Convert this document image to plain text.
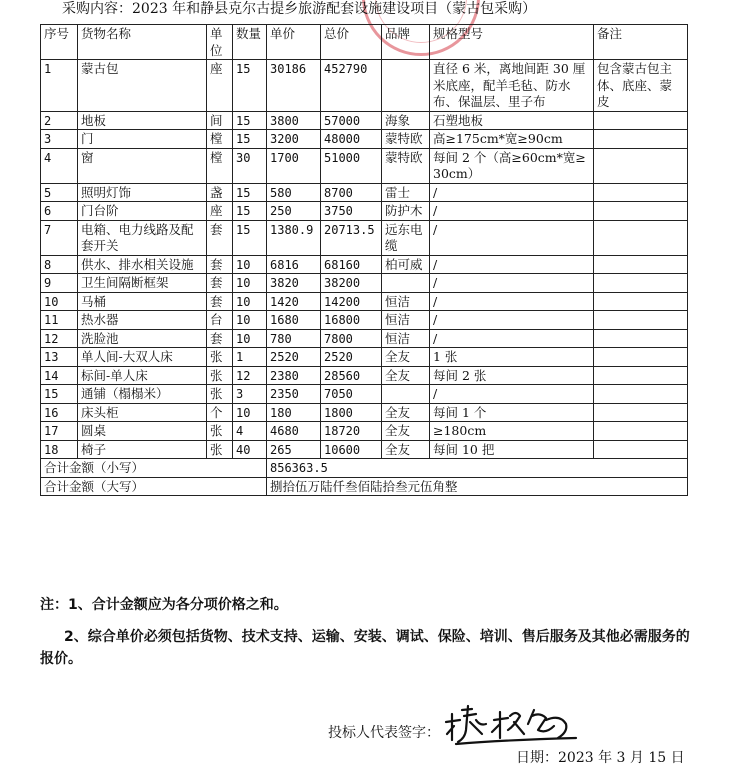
采购内容：2023 年和静县克尔古提乡旅游配套设施建设项目（蒙古包采购）
序号	货物名称	单位	数量	单价	总价	品牌	规格型号	备注
1	蒙古包	座	15	30186	452790		直径 6 米，离地间距 30 厘米底座，配羊毛毡、防水布、保温层、里子布	包含蒙古包主体、底座、蒙皮
2	地板	间	15	3800	57000	海象	石塑地板	
3	门	樘	15	3200	48000	蒙特欧	高≥175cm*宽≥90cm	
4	窗	樘	30	1700	51000	蒙特欧	每间 2 个（高≥60cm*宽≥30cm）	
5	照明灯饰	盏	15	580	8700	雷士	/	
6	门台阶	座	15	250	3750	防护木	/	
7	电箱、电力线路及配套开关	套	15	1380.9	20713.5	远东电缆	/	
8	供水、排水相关设施	套	10	6816	68160	柏可威	/	
9	卫生间隔断框架	套	10	3820	38200		/	
10	马桶	套	10	1420	14200	恒洁	/	
11	热水器	台	10	1680	16800	恒洁	/	
12	洗脸池	套	10	780	7800	恒洁	/	
13	单人间-大双人床	张	1	2520	2520	全友	1 张	
14	标间-单人床	张	12	2380	28560	全友	每间 2 张	
15	通铺（榻榻米）	张	3	2350	7050		/	
16	床头柜	个	10	180	1800	全友	每间 1 个	
17	圆桌	张	4	4680	18720	全友	≥180cm	
18	椅子	张	40	265	10600	全友	每间 10 把	
合计金额（小写）				856363.5				
合计金额（大写）				捌拾伍万陆仟叁佰陆拾叁元伍角整				
注：1、合计金额应为各分项价格之和。
2、综合单价必须包括货物、技术支持、运输、安装、调试、保险、培训、售后服务及其他必需服务的报价。
投标人代表签字：
日期：2023 年 3 月 15 日
